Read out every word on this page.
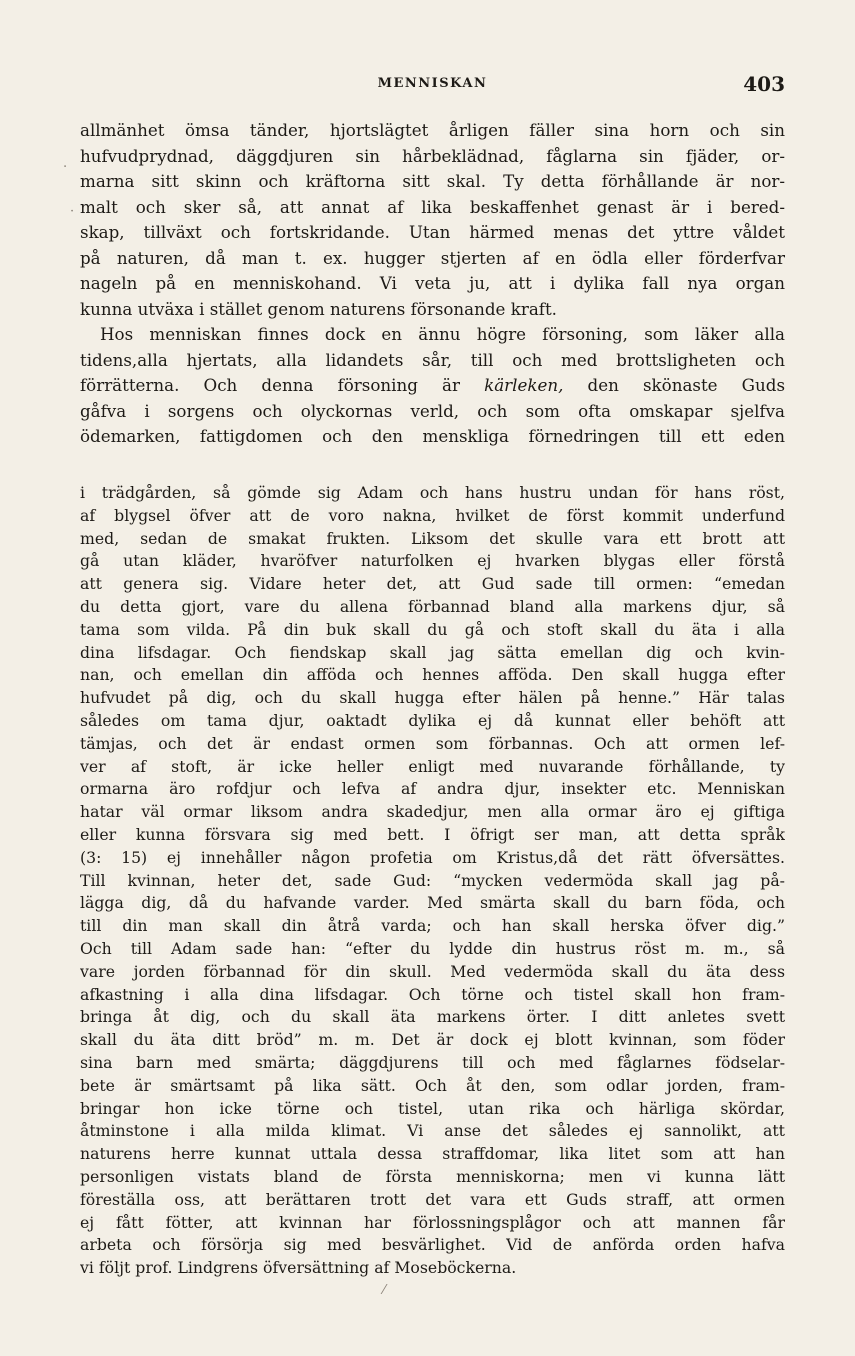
MENNISKAN	403
.
·
allmänhet ömsa tänder, hjortslägtet årligen fäller sina horn och sin
hufvudprydnad, däggdjuren sin hårbeklädnad, fåglarna sin fjäder, or-
marna sitt skinn och kräftorna sitt skal. Ty detta förhållande är nor-
malt och sker så, att annat af lika beskaffenhet genast är i bered-
skap, tillväxt och fortskridande. Utan härmed menas det yttre våldet
på naturen, då man t. ex. hugger stjerten af en ödla eller förderfvar
nageln på en menniskohand. Vi veta ju, att i dylika fall nya organ
kunna utväxa i stället genom naturens försonande kraft.
Hos menniskan finnes dock en ännu högre försoning, som läker alla
tidens,alla hjertats, alla lidandets sår, till och med brottsligheten och
förrätterna. Och denna försoning är kärleken, den skönaste Guds
gåfva i sorgens och olyckornas verld, och som ofta omskapar sjelfva
ödemarken, fattigdomen och den menskliga förnedringen till ett eden
i trädgården, så gömde sig Adam och hans hustru undan för hans röst,
af blygsel öfver att de voro nakna, hvilket de först kommit underfund
med, sedan de smakat frukten. Liksom det skulle vara ett brott att
gå utan kläder, hvaröfver naturfolken ej hvarken blygas eller förstå
att genera sig. Vidare heter det, att Gud sade till ormen: “emedan
du detta gjort, vare du allena förbannad bland alla markens djur, så
tama som vilda. På din buk skall du gå och stoft skall du äta i alla
dina lifsdagar. Och fiendskap skall jag sätta emellan dig och kvin-
nan, och emellan din afföda och hennes afföda. Den skall hugga efter
hufvudet på dig, och du skall hugga efter hälen på henne.” Här talas
således om tama djur, oaktadt dylika ej då kunnat eller behöft att
tämjas, och det är endast ormen som förbannas. Och att ormen lef-
ver af stoft, är icke heller enligt med nuvarande förhållande, ty
ormarna äro rofdjur och lefva af andra djur, insekter etc. Menniskan
hatar väl ormar liksom andra skadedjur, men alla ormar äro ej giftiga
eller kunna försvara sig med bett. I öfrigt ser man, att detta språk
(3: 15) ej innehåller någon profetia om Kristus,då det rätt öfversättes.
Till kvinnan, heter det, sade Gud: “mycken vedermöda skall jag på-
lägga dig, då du hafvande varder. Med smärta skall du barn föda, och
till din man skall din åtrå varda; och han skall herska öfver dig.”
Och till Adam sade han: “efter du lydde din hustrus röst m. m., så
vare jorden förbannad för din skull. Med vedermöda skall du äta dess
afkastning i alla dina lifsdagar. Och törne och tistel skall hon fram-
bringa åt dig, och du skall äta markens örter. I ditt anletes svett
skall du äta ditt bröd” m. m. Det är dock ej blott kvinnan, som föder
sina barn med smärta; däggdjurens till och med fåglarnes födselar-
bete är smärtsamt på lika sätt. Och åt den, som odlar jorden, fram-
bringar hon icke törne och tistel, utan rika och härliga skördar,
åtminstone i alla milda klimat. Vi anse det således ej sannolikt, att
naturens herre kunnat uttala dessa straffdomar, lika litet som att han
personligen vistats bland de första menniskorna; men vi kunna lätt
föreställa oss, att berättaren trott det vara ett Guds straff, att ormen
ej fått fötter, att kvinnan har förlossningsplågor och att mannen får
arbeta och försörja sig med besvärlighet. Vid de anförda orden hafva
vi följt prof. Lindgrens öfversättning af Moseböckerna.
⁄
